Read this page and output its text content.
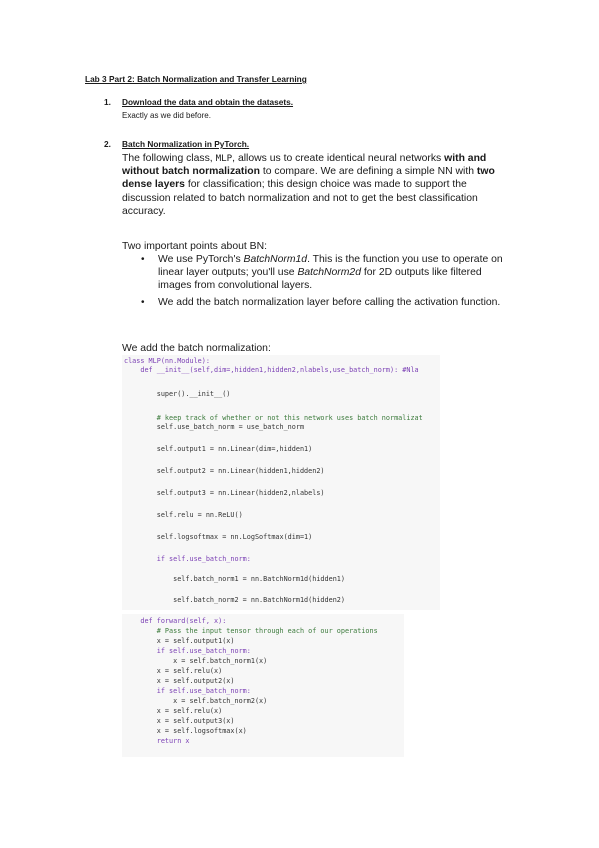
Lab 3 Part 2: Batch Normalization and Transfer Learning
1. Download the data and obtain the datasets.
Exactly as we did before.
2. Batch Normalization in PyTorch.
The following class, MLP, allows us to create identical neural networks with and without batch normalization to compare. We are defining a simple NN with two dense layers for classification; this design choice was made to support the discussion related to batch normalization and not to get the best classification accuracy.
Two important points about BN:
• We use PyTorch's BatchNorm1d. This is the function you use to operate on linear layer outputs; you'll use BatchNorm2d for 2D outputs like filtered images from convolutional layers.
• We add the batch normalization layer before calling the activation function.
We add the batch normalization:

class MLP(nn.Module):

def __init__(self,dim=,hidden1,hidden2,nlabels,use_batch_norm): #Nla

super().__init__()

# keep track of whether or not this network uses batch normalizat

self.use_batch_norm = use_batch_norm

self.output1 = nn.Linear(dim=,hidden1)

self.output2 = nn.Linear(hidden1,hidden2)

self.output3 = nn.Linear(hidden2,nlabels)

self.relu = nn.ReLU()

self.logsoftmax = nn.LogSoftmax(dim=1)

if self.use_batch_norm:

self.batch_norm1 = nn.BatchNorm1d(hidden1)

self.batch_norm2 = nn.BatchNorm1d(hidden2)

def forward(self, x):

# Pass the input tensor through each of our operations

x = self.output1(x)

if self.use_batch_norm:

x = self.batch_norm1(x)

x = self.relu(x)

x = self.output2(x)

if self.use_batch_norm:

x = self.batch_norm2(x)

x = self.relu(x)

x = self.output3(x)

x = self.logsoftmax(x)

return x
